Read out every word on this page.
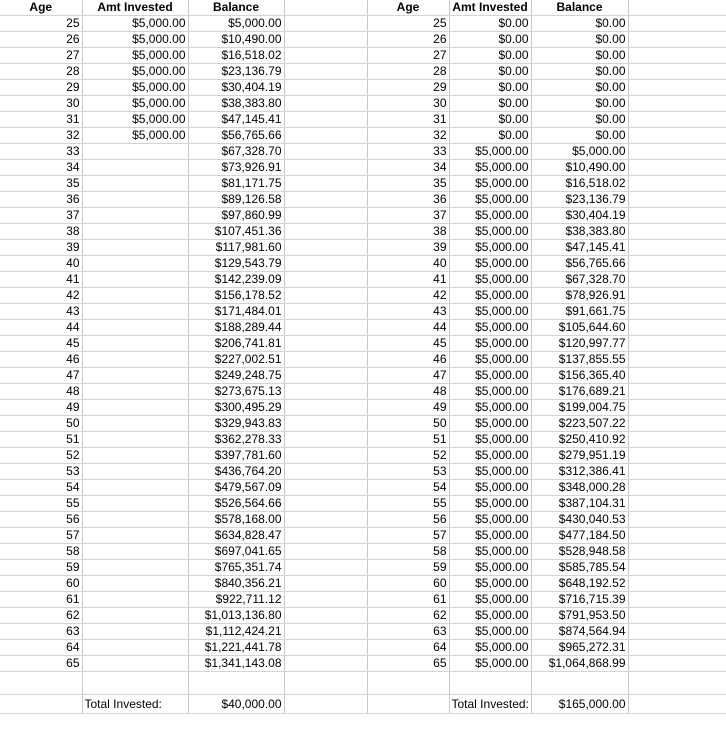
Age	Amt Invested	Balance		Age	Amt Invested	Balance	
25	$5,000.00	$5,000.00		25	$0.00	$0.00	
26	$5,000.00	$10,490.00		26	$0.00	$0.00	
27	$5,000.00	$16,518.02		27	$0.00	$0.00	
28	$5,000.00	$23,136.79		28	$0.00	$0.00	
29	$5,000.00	$30,404.19		29	$0.00	$0.00	
30	$5,000.00	$38,383.80		30	$0.00	$0.00	
31	$5,000.00	$47,145.41		31	$0.00	$0.00	
32	$5,000.00	$56,765.66		32	$0.00	$0.00	
33		$67,328.70		33	$5,000.00	$5,000.00	
34		$73,926.91		34	$5,000.00	$10,490.00	
35		$81,171.75		35	$5,000.00	$16,518.02	
36		$89,126.58		36	$5,000.00	$23,136.79	
37		$97,860.99		37	$5,000.00	$30,404.19	
38		$107,451.36		38	$5,000.00	$38,383.80	
39		$117,981.60		39	$5,000.00	$47,145.41	
40		$129,543.79		40	$5,000.00	$56,765.66	
41		$142,239.09		41	$5,000.00	$67,328.70	
42		$156,178.52		42	$5,000.00	$78,926.91	
43		$171,484.01		43	$5,000.00	$91,661.75	
44		$188,289.44		44	$5,000.00	$105,644.60	
45		$206,741.81		45	$5,000.00	$120,997.77	
46		$227,002.51		46	$5,000.00	$137,855.55	
47		$249,248.75		47	$5,000.00	$156,365.40	
48		$273,675.13		48	$5,000.00	$176,689.21	
49		$300,495.29		49	$5,000.00	$199,004.75	
50		$329,943.83		50	$5,000.00	$223,507.22	
51		$362,278.33		51	$5,000.00	$250,410.92	
52		$397,781.60		52	$5,000.00	$279,951.19	
53		$436,764.20		53	$5,000.00	$312,386.41	
54		$479,567.09		54	$5,000.00	$348,000.28	
55		$526,564.66		55	$5,000.00	$387,104.31	
56		$578,168.00		56	$5,000.00	$430,040.53	
57		$634,828.47		57	$5,000.00	$477,184.50	
58		$697,041.65		58	$5,000.00	$528,948.58	
59		$765,351.74		59	$5,000.00	$585,785.54	
60		$840,356.21		60	$5,000.00	$648,192.52	
61		$922,711.12		61	$5,000.00	$716,715.39	
62		$1,013,136.80		62	$5,000.00	$791,953.50	
63		$1,112,424.21		63	$5,000.00	$874,564.94	
64		$1,221,441.78		64	$5,000.00	$965,272.31	
65		$1,341,143.08		65	$5,000.00	$1,064,868.99	

	Total Invested:	$40,000.00			Total Invested:	$165,000.00	
